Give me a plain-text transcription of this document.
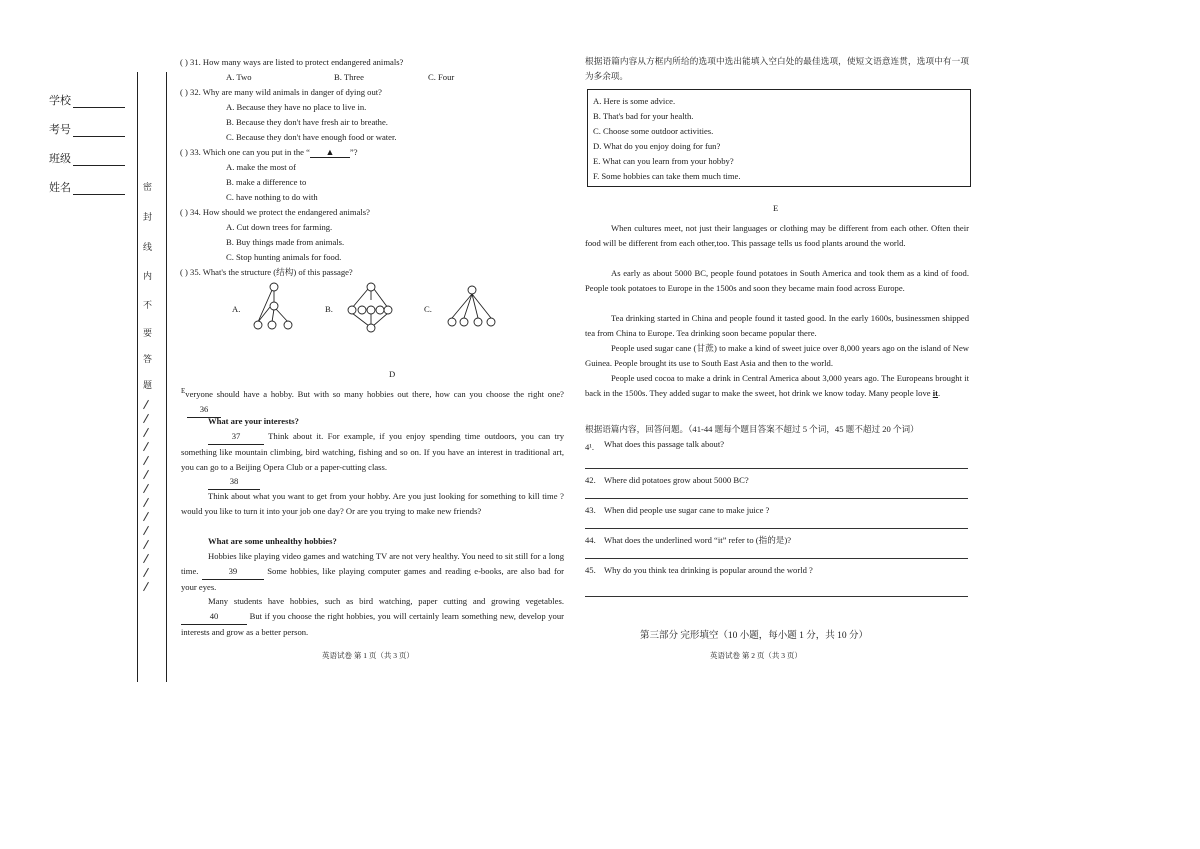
学校
考号
班级
姓名	密
封
线
内
不
要
答
题
( ) 31. How many ways are listed to protect endangered animals?
A. Two	B. Three	C. Four
( ) 32. Why are many wild animals in danger of dying out?
A. Because they have no place to live in.
B. Because they don't have fresh air to breathe.
C. Because they don't have enough food or water.
( ) 33. Which one can you put in the “ ▲ ”?
A. make the most of
B. make a difference to
C. have nothing to do with
( ) 34. How should we protect the endangered animals?
A. Cut down trees for farming.
B. Buy things made from animals.
C. Stop hunting animals for food.
( ) 35. What's the structure (结构) of this passage?
A.	B.	C.
D
$^E$veryone should have a hobby. But with so many hobbies out there, how can you choose the right one? 36
What are your interests?
37	Think about it. For example, if you enjoy spending time outdoors, you can try something like mountain climbing, bird watching, fishing and so on. If you have an interest in traditional art, you can go to a Beijing Opera Club or a paper-cutting class.
38
Think about what you want to get from your hobby. Are you just looking for something to kill time ? would you like to turn it into your job one day? Or are you trying to make new friends?
What are some unhealthy hobbies?
Hobbies like playing video games and watching TV are not very healthy. You need to sit still for a long time.	39	Some hobbies, like playing computer games and reading e-books, are also bad for your eyes.
Many students have hobbies, such as bird watching, paper cutting and growing vegetables. 40	But if you choose the right hobbies, you will certainly learn something new, develop your interests and grow as a better person.
英语试卷 第 1 页（共 3 页）
根据语篇内容从方框内所给的选项中选出能填入空白处的最佳选项，使短文语意连贯，选项中有一项为多余项。
A. Here is some advice.
B. That's bad for your health.
C. Choose some outdoor activities.
D. What do you enjoy doing for fun?
E. What can you learn from your hobby?
F. Some hobbies can take them much time.
E
When cultures meet, not just their languages or clothing may be different from each other. Often their food will be different from each other,too. This passage tells us food plants around the world.
As early as about 5000 BC, people found potatoes in South America and took them as a kind of food. People took potatoes to Europe in the 1500s and soon they became main food across Europe.
Tea drinking started in China and people found it tasted good. In the early 1600s, businessmen shipped tea from China to Europe. Tea drinking soon became popular there.
People used sugar cane (甘蔗) to make a kind of sweet juice over 8,000 years ago on the island of New Guinea. People brought its use to South East Asia and then to the world.
People used cocoa to make a drink in Central America about 3,000 years ago. The Europeans brought it back in the 1500s. They added sugar to make the sweet, hot drink we know today. Many people love it.
根据语篇内容，回答问题。（41-44 题每个题目答案不超过 5 个词，45 题不超过 20 个词）
4¹. What does this passage talk about?
42. Where did potatoes grow about 5000 BC?
43. When did people use sugar cane to make juice ?
44. What does the underlined word “it” refer to (指的是)?
45. Why do you think tea drinking is popular around the world ?
第三部分 完形填空（10 小题，每小题 1 分，共 10 分）
英语试卷 第 2 页（共 3 页）
